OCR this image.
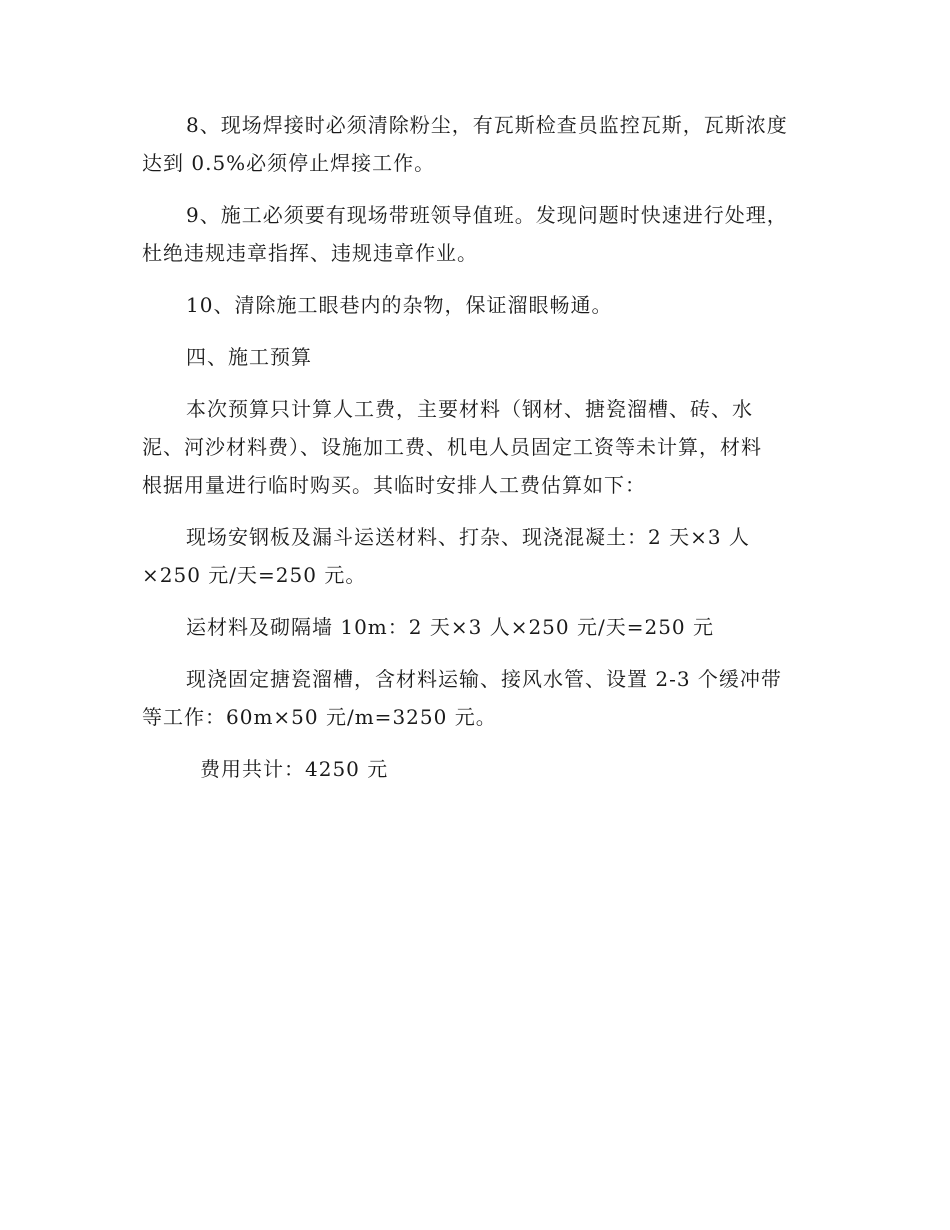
8、现场焊接时必须清除粉尘，有瓦斯检查员监控瓦斯，瓦斯浓度
达到 0.5%必须停止焊接工作。

9、施工必须要有现场带班领导值班。发现问题时快速进行处理，
杜绝违规违章指挥、违规违章作业。

10、清除施工眼巷内的杂物，保证溜眼畅通。

四、施工预算

本次预算只计算人工费，主要材料（钢材、搪瓷溜槽、砖、水
泥、河沙材料费）、设施加工费、机电人员固定工资等未计算，材料
根据用量进行临时购买。其临时安排人工费估算如下：

现场安钢板及漏斗运送材料、打杂、现浇混凝土：2 天×3 人
×250 元/天=250 元。

运材料及砌隔墙 10m：2 天×3 人×250 元/天=250 元

现浇固定搪瓷溜槽，含材料运输、接风水管、设置 2-3 个缓冲带
等工作：60m×50 元/m=3250 元。

费用共计：4250 元
